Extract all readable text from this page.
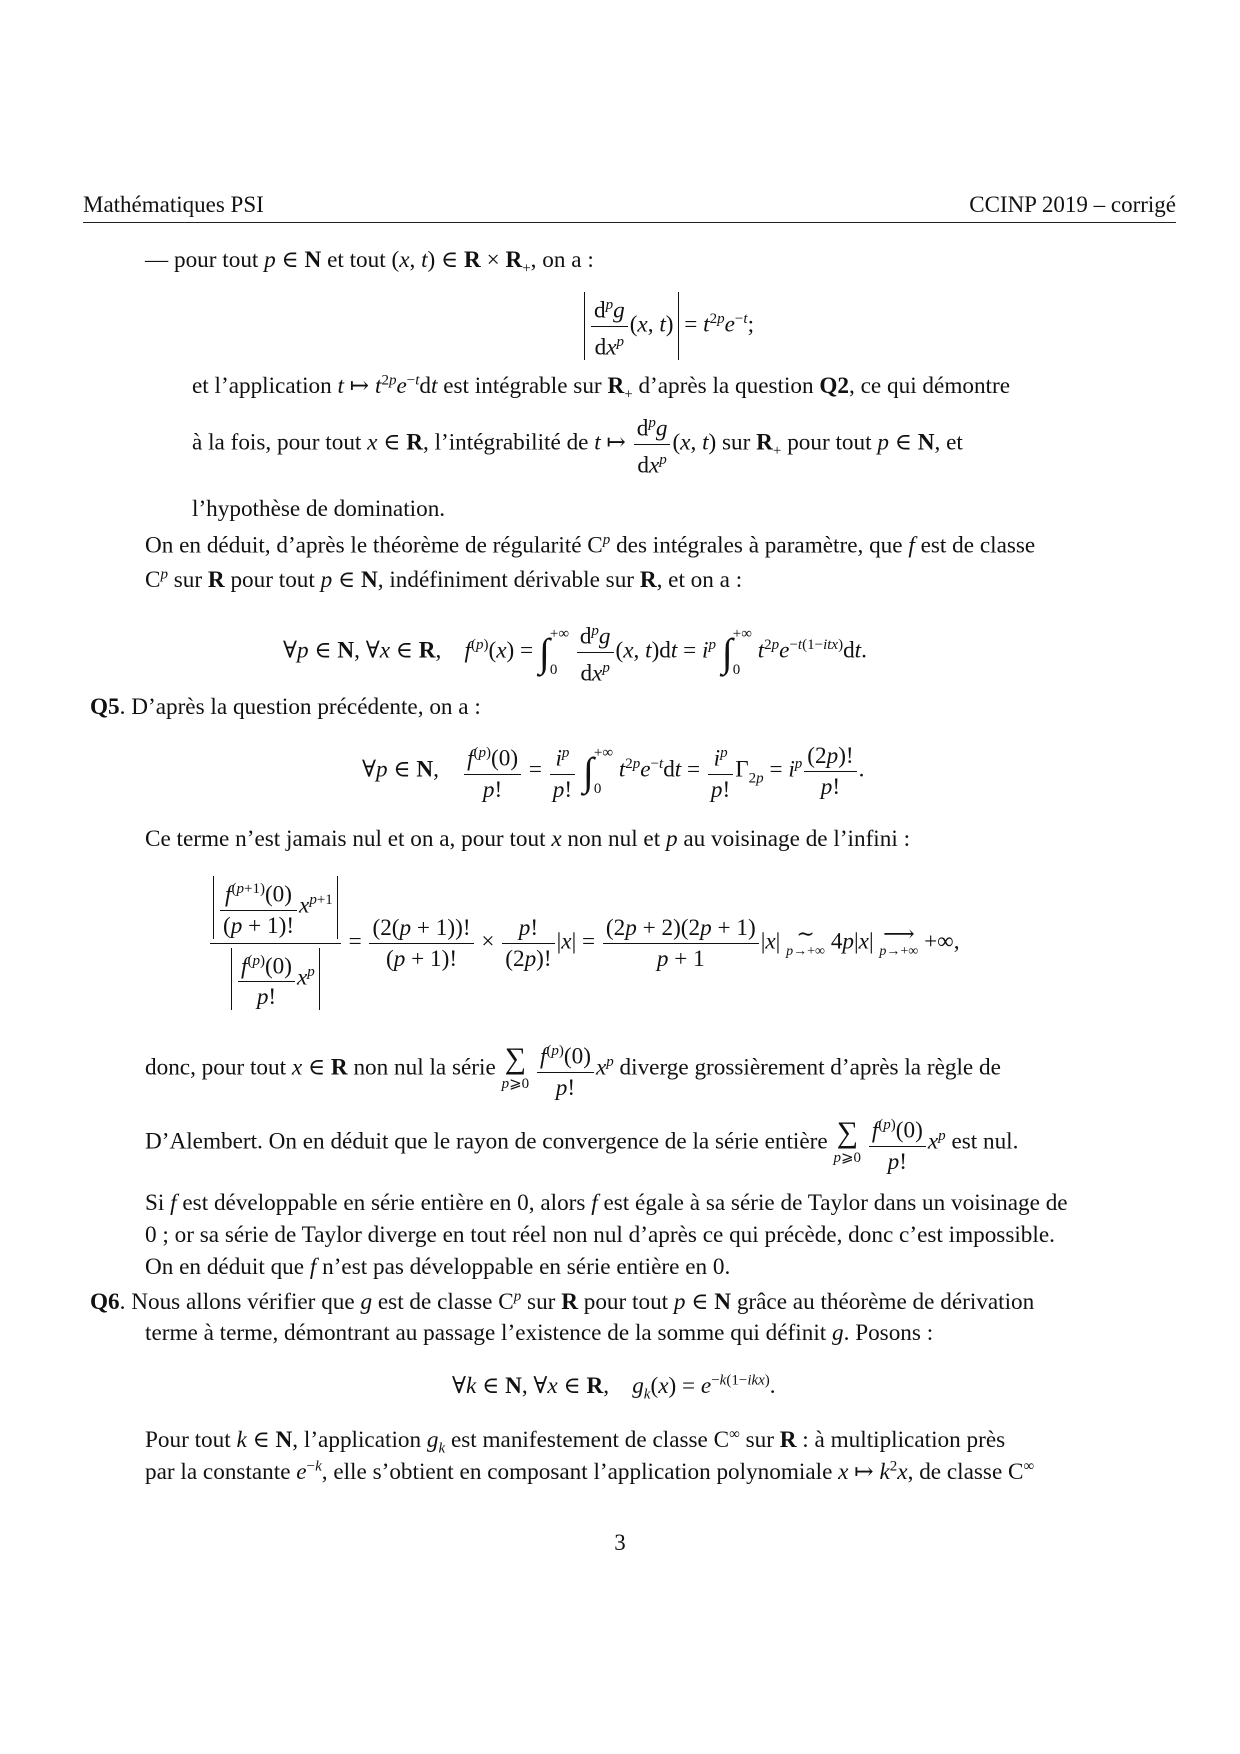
Mathématiques PSI	CCINP 2019 – corrigé
— pour tout p ∈ N et tout (x, t) ∈ $R \times R_+$, on a :
$\frac{d^pg}{dx^p} (x$, $t) = t^{2p}e^{-t}$;
et l’application t ↦ $t^{2p}e^{-t}dt$ est intégrable sur $R_+$ d’après la question Q2, ce qui démontre
à la fois, pour tout x ∈ R, l’intégrabilité de t ↦ $\frac{d^pg}{dx^p} (x$, t) sur $R_+$ pour tout p ∈ N, et
l’hypothèse de domination.
On en déduit, d’après le théorème de régularité $C^p$ des intégrales à paramètre, que f est de classe
$C^p$ sur R pour tout p ∈ N, indéfiniment dérivable sur R, et on a :
∀p ∈ N, ∀x ∈ R,    $f^{(p)}(x)$ = ∫+∞

$0 \frac{d^pg}{dx^p} (x$, $t)dt = i^p$ ∫+∞

0 $t^{2p}e^{-t(1-itx)}dt$.
Q5. D’après la question précédente, on a :
∀p ∈ N, $\frac{f^{(p)}(0)}{p!} = \frac{i^p}{p!}$ ∫+∞

0 $t^{2p}e^{-t}dt = \frac{i^p}{p!} \Gamma_{2p} = i^p \frac{(2p)!}{p!}$ .
Ce terme n’est jamais nul et on a, pour tout x non nul et p au voisinage de l’infini :
$\frac{\frac{f^{(p+1)}(0)}{(p + 1)!} x^{p+1}}{\frac{f^{(p)}(0)}{p!} x^p} = \frac{(2(p + 1))!}{(p + 1)!} \times \frac{p!}{(2p)!} |x| = \frac{(2p + 2)(2p + 1)}{p + 1} |x|$ ∼
p→+∞ 4p|x| ⟶
p→+∞ +∞,
donc, pour tout x ∈ R non nul la série ∑
p⩾0
$\frac{f^{(p)}(0)}{p!} x^p$ diverge grossièrement d’après la règle de
D’Alembert. On en déduit que le rayon de convergence de la série entière ∑
p⩾0
$\frac{f^{(p)}(0)}{p!} x^p$ est nul.
Si f est développable en série entière en 0, alors f est égale à sa série de Taylor dans un voisinage de
0 ; or sa série de Taylor diverge en tout réel non nul d’après ce qui précède, donc c’est impossible.
On en déduit que f n’est pas développable en série entière en 0.
Q6. Nous allons vérifier que g est de classe $C^p$ sur R pour tout p ∈ N grâce au théorème de dérivation
terme à terme, démontrant au passage l’existence de la somme qui définit g. Posons :
∀k ∈ N, ∀x ∈ R,    $g_k(x) = e^{-k(1-ikx)}$.
Pour tout k ∈ N, l’application $g_k$ est manifestement de classe C∞ sur R : à multiplication près
par la constante $e^{-k}$, elle s’obtient en composant l’application polynomiale x ↦ $k^2x$, de classe C∞
3
